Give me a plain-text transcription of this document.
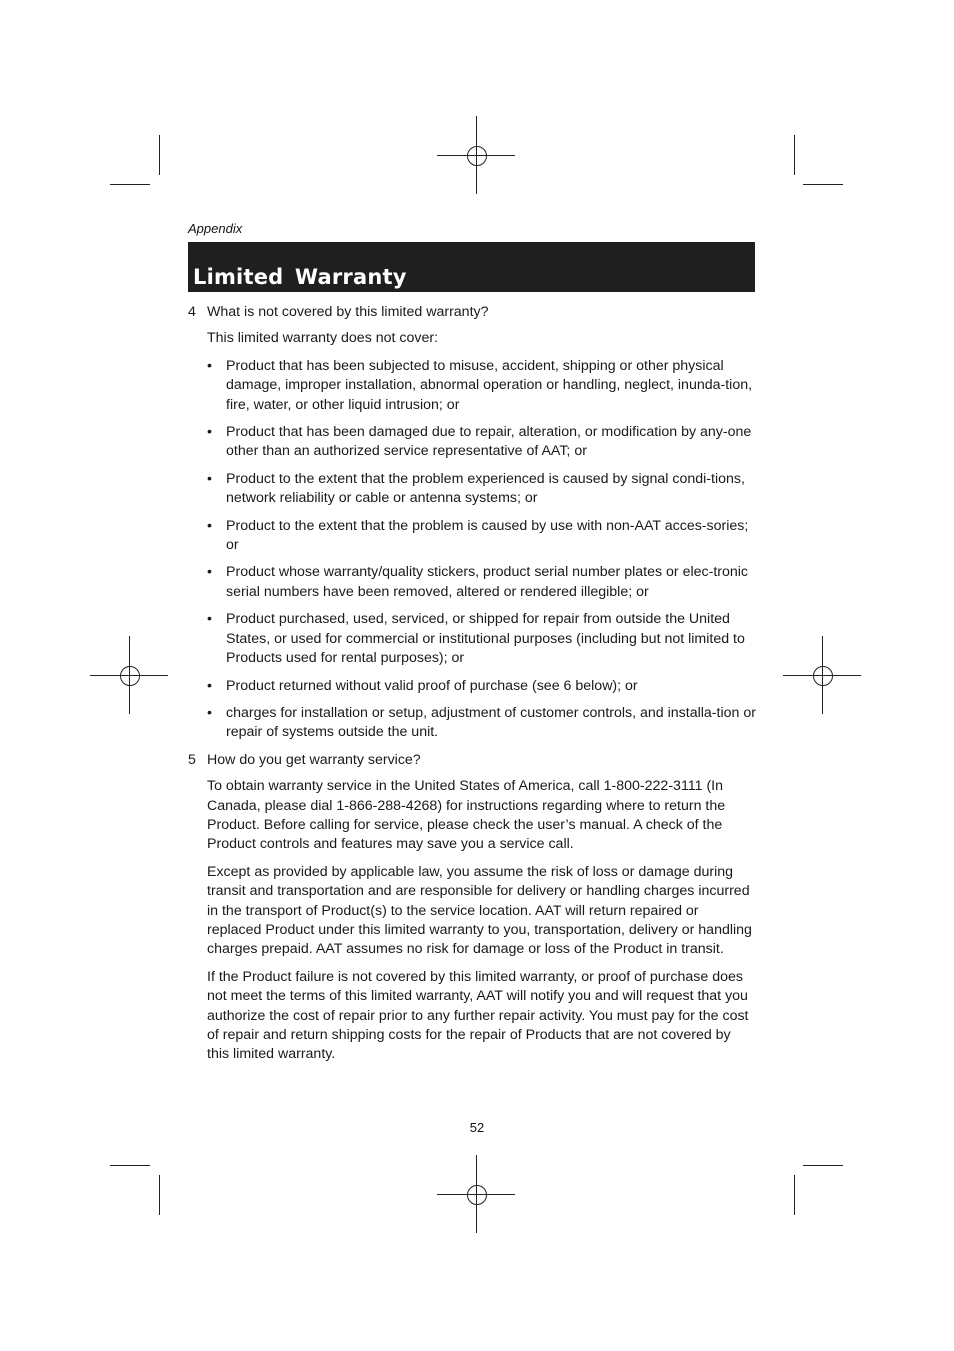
Appendix
Limited Warranty
4 What is not covered by this limited warranty?

This limited warranty does not cover:

• Product that has been subjected to misuse, accident, shipping or other physical damage, improper installation, abnormal operation or handling, neglect, inunda-tion, fire, water, or other liquid intrusion; or
• Product that has been damaged due to repair, alteration, or modification by any-one other than an authorized service representative of AAT; or
• Product to the extent that the problem experienced is caused by signal condi-tions, network reliability or cable or antenna systems; or
• Product to the extent that the problem is caused by use with non-AAT acces-sories; or
• Product whose warranty/quality stickers, product serial number plates or elec-tronic serial numbers have been removed, altered or rendered illegible; or
• Product purchased, used, serviced, or shipped for repair from outside the United States, or used for commercial or institutional purposes (including but not limited to Products used for rental purposes); or
• Product returned without valid proof of purchase (see 6 below); or
• charges for installation or setup, adjustment of customer controls, and installa-tion or repair of systems outside the unit.
5 How do you get warranty service?

To obtain warranty service in the United States of America, call 1-800-222-3111 (In Canada, please dial 1-866-288-4268) for instructions regarding where to return the Product. Before calling for service, please check the user’s manual. A check of the Product controls and features may save you a service call.

Except as provided by applicable law, you assume the risk of loss or damage during transit and transportation and are responsible for delivery or handling charges incurred in the transport of Product(s) to the service location. AAT will return repaired or replaced Product under this limited warranty to you, transportation, delivery or handling charges prepaid. AAT assumes no risk for damage or loss of the Product in transit.

If the Product failure is not covered by this limited warranty, or proof of purchase does not meet the terms of this limited warranty, AAT will notify you and will request that you authorize the cost of repair prior to any further repair activity. You must pay for the cost of repair and return shipping costs for the repair of Products that are not covered by this limited warranty.

52
